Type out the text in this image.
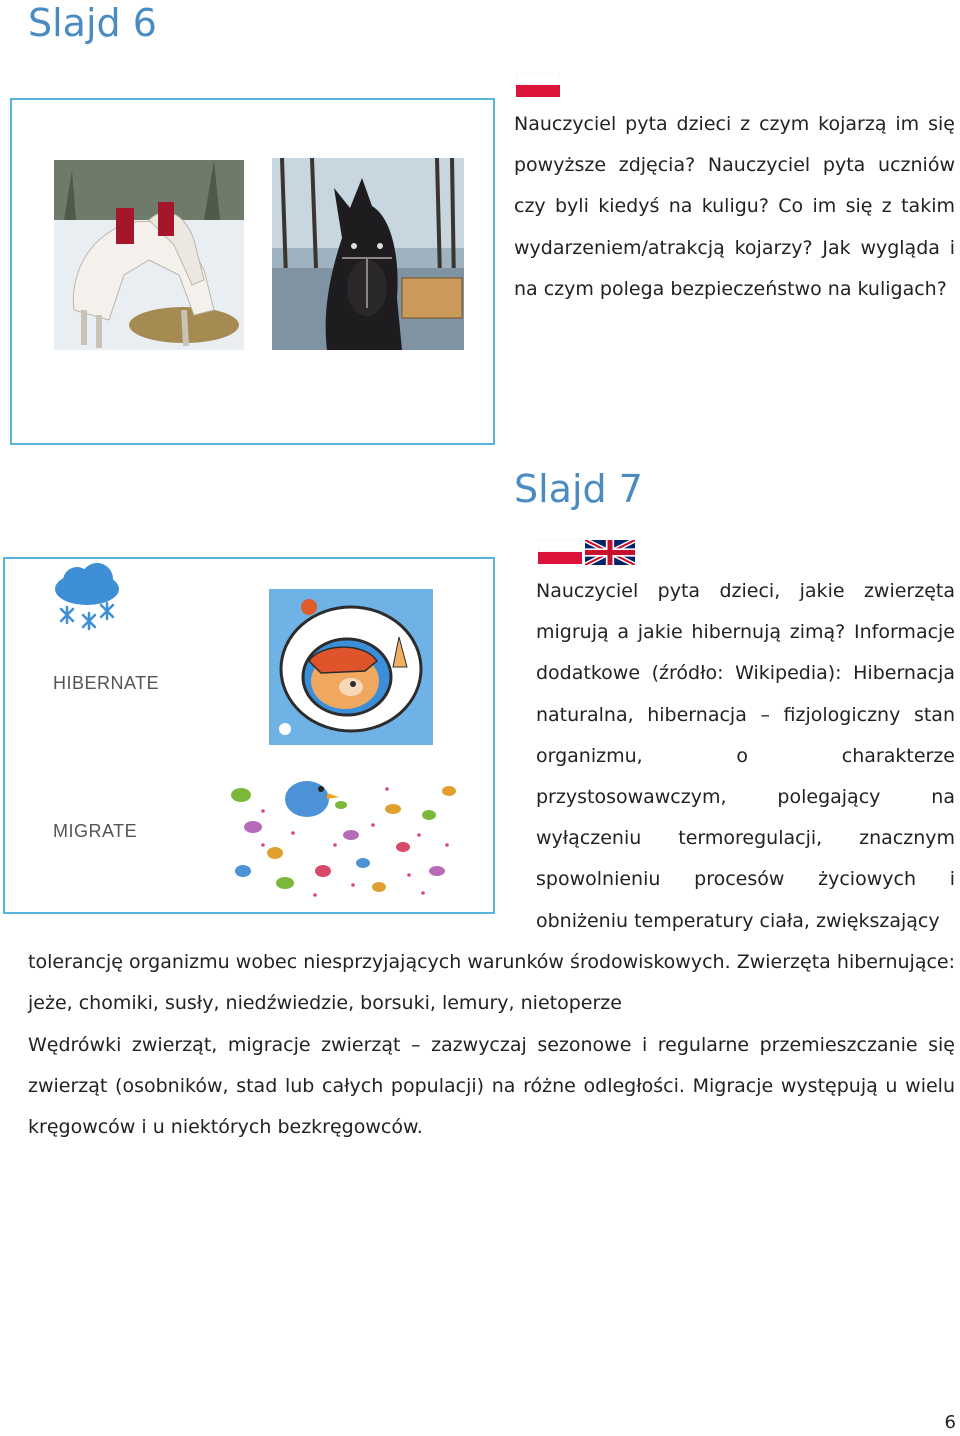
Slajd 6

Nauczyciel pyta dzieci z czym kojarzą im się powyższe zdjęcia? Nauczyciel pyta uczniów czy byli kiedyś na kuligu? Co im się z takim wydarzeniem/atrakcją kojarzy? Jak wygląda i na czym polega bezpieczeństwo na kuligach?

Slajd 7
HIBERNATE
MIGRATE

Nauczyciel pyta dzieci, jakie zwierzęta migrują a jakie hibernują zimą? Informacje dodatkowe (źródło: Wikipedia): Hibernacja naturalna, hibernacja – fizjologiczny stan organizmu, o charakterze przystosowawczym, polegający na wyłączeniu termoregulacji, znacznym spowolnieniu procesów życiowych i obniżeniu temperatury ciała, zwiększający

tolerancję organizmu wobec niesprzyjających warunków środowiskowych. Zwierzęta hibernujące: jeże, chomiki, susły, niedźwiedzie, borsuki, lemury, nietoperze

Wędrówki zwierząt, migracje zwierząt – zazwyczaj sezonowe i regularne przemieszczanie się zwierząt (osobników, stad lub całych populacji) na różne odległości. Migracje występują u wielu kręgowców i u niektórych bezkręgowców.

6
